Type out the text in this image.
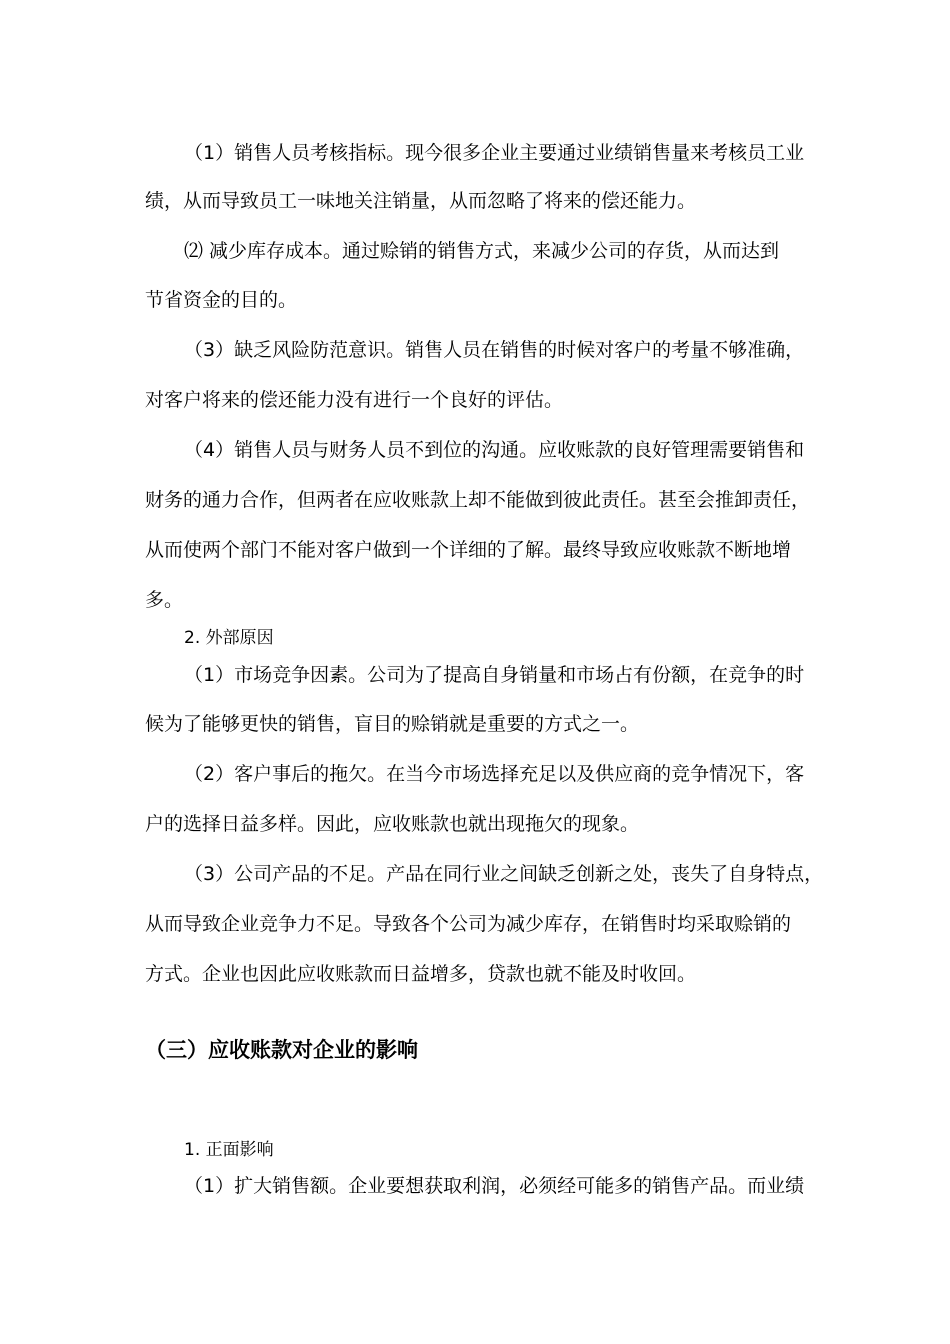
（1）销售人员考核指标。现今很多企业主要通过业绩销售量来考核员工业
绩，从而导致员工一味地关注销量，从而忽略了将来的偿还能力。
⑵ 减少库存成本。通过赊销的销售方式，来减少公司的存货，从而达到
节省资金的目的。
（3）缺乏风险防范意识。销售人员在销售的时候对客户的考量不够准确，
对客户将来的偿还能力没有进行一个良好的评估。
（4）销售人员与财务人员不到位的沟通。应收账款的良好管理需要销售和
财务的通力合作，但两者在应收账款上却不能做到彼此责任。甚至会推卸责任，
从而使两个部门不能对客户做到一个详细的了解。最终导致应收账款不断地增
多。
2. 外部原因
（1）市场竞争因素。公司为了提高自身销量和市场占有份额，在竞争的时
候为了能够更快的销售，盲目的赊销就是重要的方式之一。
（2）客户事后的拖欠。在当今市场选择充足以及供应商的竞争情况下，客
户的选择日益多样。因此，应收账款也就出现拖欠的现象。
（3）公司产品的不足。产品在同行业之间缺乏创新之处，丧失了自身特点，
从而导致企业竞争力不足。导致各个公司为减少库存，在销售时均采取赊销的
方式。企业也因此应收账款而日益增多，贷款也就不能及时收回。
（三）应收账款对企业的影响
1. 正面影响
（1）扩大销售额。企业要想获取利润，必须经可能多的销售产品。而业绩
